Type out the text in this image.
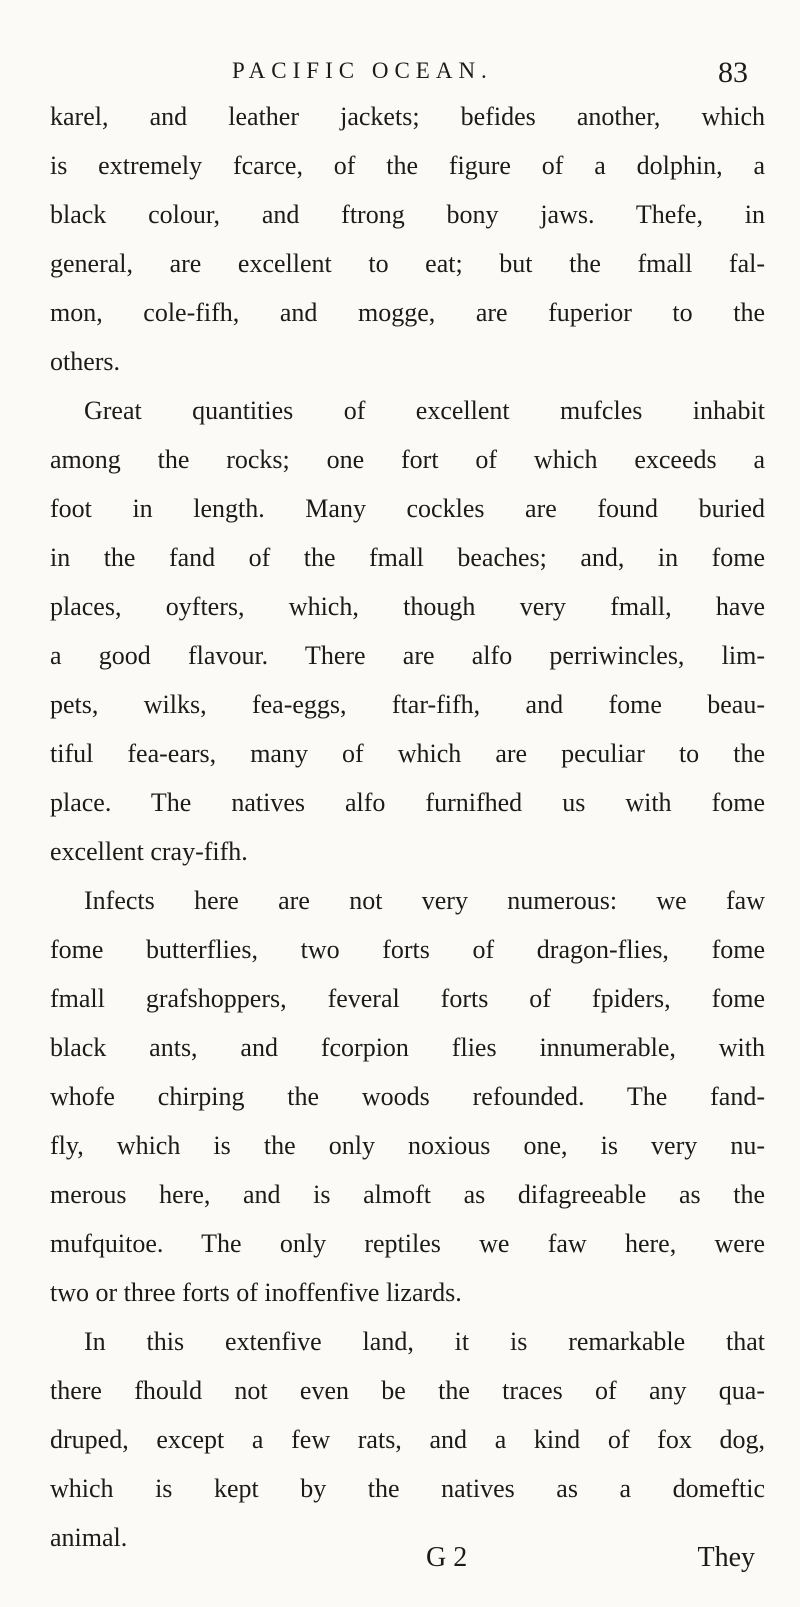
PACIFIC OCEAN.	83
karel, and leather jackets; befides another, which
is extremely fcarce, of the figure of a dolphin, a
black colour, and ftrong bony jaws. Thefe, in
general, are excellent to eat; but the fmall fal-
mon, cole-fifh, and mogge, are fuperior to the
others.
Great quantities of excellent mufcles inhabit
among the rocks; one fort of which exceeds a
foot in length. Many cockles are found buried
in the fand of the fmall beaches; and, in fome
places, oyfters, which, though very fmall, have
a good flavour. There are alfo perriwincles, lim-
pets, wilks, fea-eggs, ftar-fifh, and fome beau-
tiful fea-ears, many of which are peculiar to the
place. The natives alfo furnifhed us with fome
excellent cray-fifh.
Infects here are not very numerous: we faw
fome butterflies, two forts of dragon-flies, fome
fmall grafshoppers, feveral forts of fpiders, fome
black ants, and fcorpion flies innumerable, with
whofe chirping the woods refounded. The fand-
fly, which is the only noxious one, is very nu-
merous here, and is almoft as difagreeable as the
mufquitoe. The only reptiles we faw here, were
two or three forts of inoffenfive lizards.
In this extenfive land, it is remarkable that
there fhould not even be the traces of any qua-
druped, except a few rats, and a kind of fox dog,
which is kept by the natives as a domeftic
animal.
G 2	They
